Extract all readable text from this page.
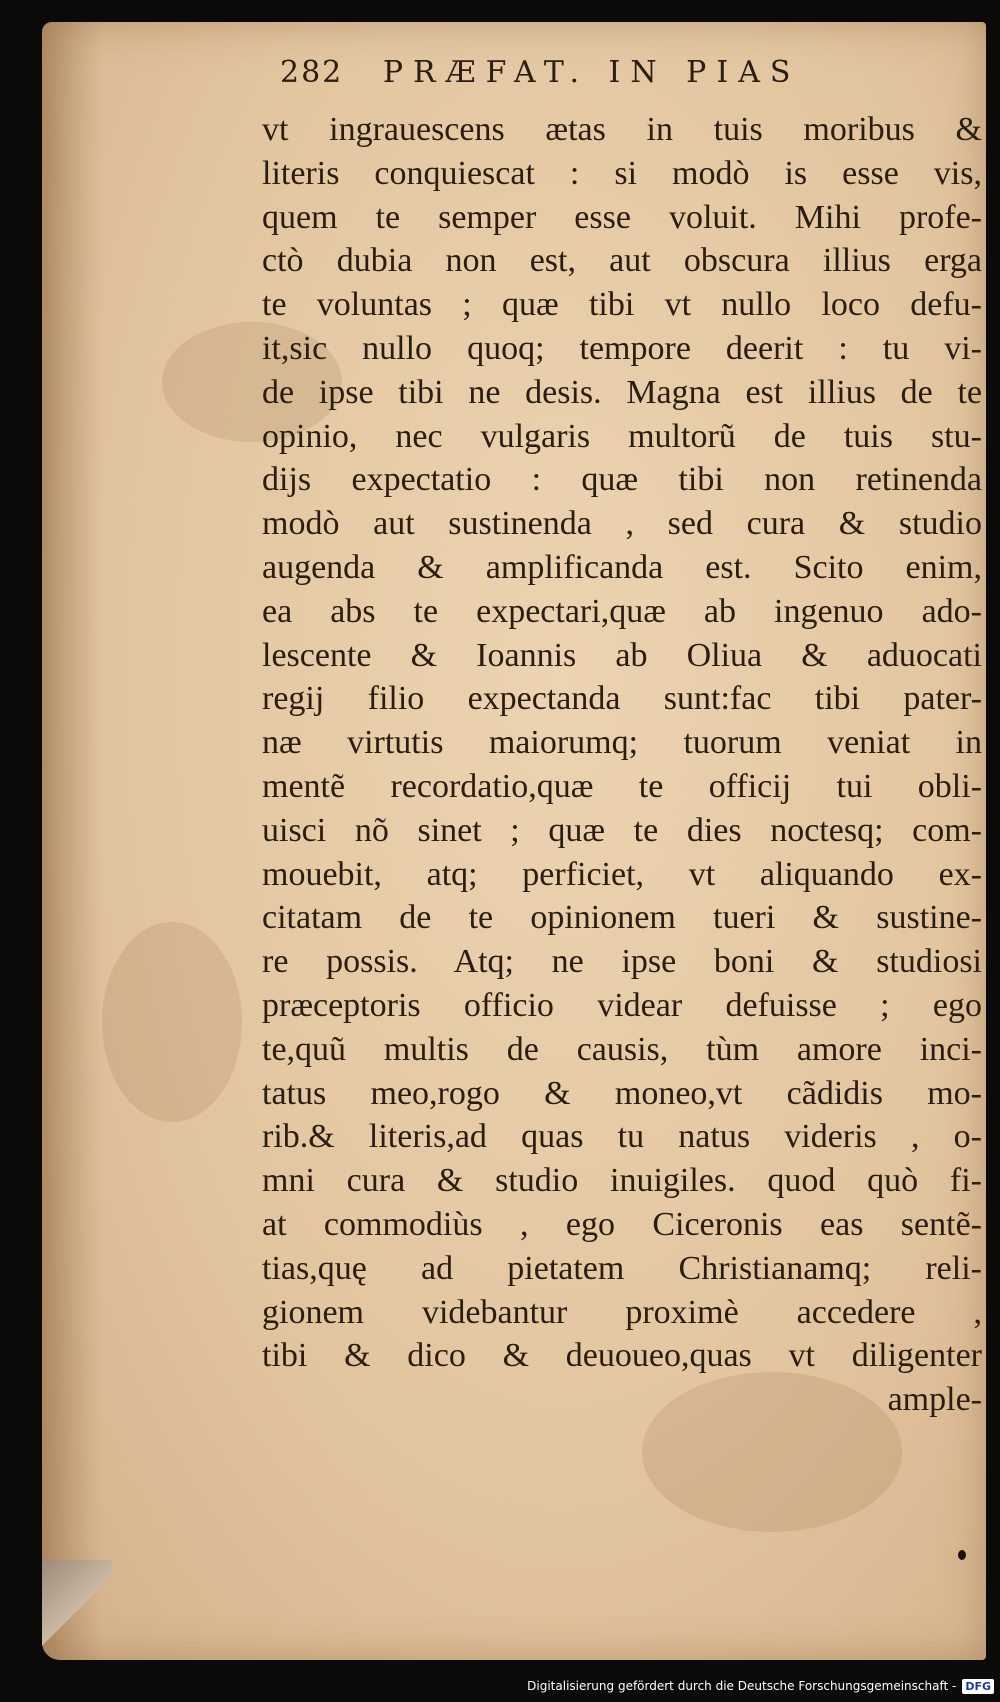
282 PRÆFAT. IN PIAS
vt ingrauescens ætas in tuis moribus &
literis conquiescat : si modò is esse vis,
quem te semper esse voluit. Mihi profe-
ctò dubia non est, aut obscura illius erga
te voluntas ; quæ tibi vt nullo loco defu-
it,sic nullo quoq; tempore deerit : tu vi-
de ipse tibi ne desis. Magna est illius de te
opinio, nec vulgaris multorũ de tuis stu-
dijs expectatio : quæ tibi non retinenda
modò aut sustinenda , sed cura & studio
augenda & amplificanda est. Scito enim,
ea abs te expectari,quæ ab ingenuo ado-
lescente & Ioannis ab Oliua & aduocati
regij filio expectanda sunt:fac tibi pater-
næ virtutis maiorumq; tuorum veniat in
mentẽ recordatio,quæ te officij tui obli-
uisci nõ sinet ; quæ te dies noctesq; com-
mouebit, atq; perficiet, vt aliquando ex-
citatam de te opinionem tueri & sustine-
re possis. Atq; ne ipse boni & studiosi
præceptoris officio videar defuisse ; ego
te,quũ multis de causis, tùm amore inci-
tatus meo,rogo & moneo,vt cãdidis mo-
rib.& literis,ad quas tu natus videris , o-
mni cura & studio inuigiles. quod quò fi-
at commodiùs , ego Ciceronis eas sentẽ-
tias,quę ad pietatem Christianamq; reli-
gionem videbantur proximè accedere ,
tibi & dico & deuoueo,quas vt diligenter
ample-
Digitalisierung gefördert durch die Deutsche Forschungsgemeinschaft - DFG
